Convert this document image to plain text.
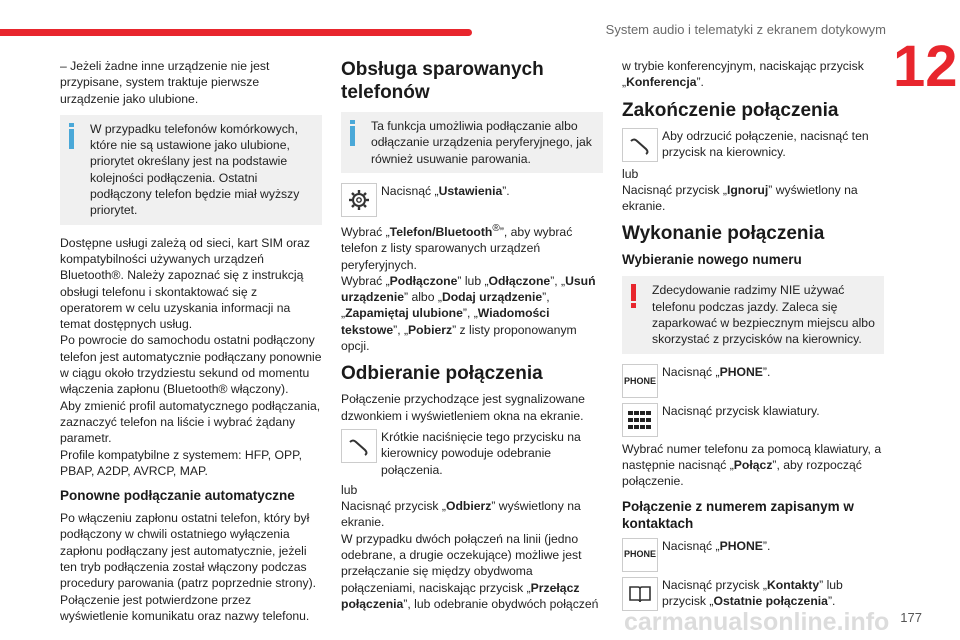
System audio i telematyki z ekranem dotykowym
12

– Jeżeli żadne inne urządzenie nie jest przypisane, system traktuje pierwsze urządzenie jako ulubione.

W przypadku telefonów komórkowych, które nie są ustawione jako ulubione, priorytet określany jest na podstawie kolejności podłączenia. Ostatni podłączony telefon będzie miał wyższy priorytet.

Dostępne usługi zależą od sieci, kart SIM oraz kompatybilności używanych urządzeń Bluetooth®. Należy zapoznać się z instrukcją obsługi telefonu i skontaktować się z operatorem w celu uzyskania informacji na temat dostępnych usług.

Po powrocie do samochodu ostatni podłączony telefon jest automatycznie podłączany ponownie w ciągu około trzydziestu sekund od momentu włączenia zapłonu (Bluetooth® włączony).

Aby zmienić profil automatycznego podłączania, zaznaczyć telefon na liście i wybrać żądany parametr.

Profile kompatybilne z systemem: HFP, OPP, PBAP, A2DP, AVRCP, MAP.

Ponowne podłączanie automatyczne

Po włączeniu zapłonu ostatni telefon, który był podłączony w chwili ostatniego wyłączenia zapłonu podłączany jest automatycznie, jeżeli ten tryb podłączenia został włączony podczas procedury parowania (patrz poprzednie strony). Połączenie jest potwierdzone przez wyświetlenie komunikatu oraz nazwy telefonu.

Obsługa sparowanych telefonów

Ta funkcja umożliwia podłączanie albo odłączanie urządzenia peryferyjnego, jak również usuwanie parowania.

Nacisnąć „Ustawienia”.

Wybrać „Telefon/Bluetooth®”, aby wybrać telefon z listy sparowanych urządzeń peryferyjnych.

Wybrać „Podłączone” lub „Odłączone”, „Usuń urządzenie” albo „Dodaj urządzenie”, „Zapamiętaj ulubione”, „Wiadomości tekstowe”, „Pobierz” z listy proponowanym opcji.

Odbieranie połączenia

Połączenie przychodzące jest sygnalizowane dzwonkiem i wyświetleniem okna na ekranie.

Krótkie naciśnięcie tego przycisku na kierownicy powoduje odebranie połączenia.

lub

Nacisnąć przycisk „Odbierz” wyświetlony na ekranie.

W przypadku dwóch połączeń na linii (jedno odebrane, a drugie oczekujące) możliwe jest przełączanie się między obydwoma połączeniami, naciskając przycisk „Przełącz połączenia”, lub odebranie obydwóch połączeń

w trybie konferencyjnym, naciskając przycisk „Konferencja”.

Zakończenie połączenia

Aby odrzucić połączenie, nacisnąć ten przycisk na kierownicy.

lub

Nacisnąć przycisk „Ignoruj” wyświetlony na ekranie.

Wykonanie połączenia
Wybieranie nowego numeru

Zdecydowanie radzimy NIE używać telefonu podczas jazdy. Zaleca się zaparkować w bezpiecznym miejscu albo skorzystać z przycisków na kierownicy.

PHONE

Nacisnąć „PHONE”.

Nacisnąć przycisk klawiatury.

Wybrać numer telefonu za pomocą klawiatury, a następnie nacisnąć „Połącz”, aby rozpocząć połączenie.

Połączenie z numerem zapisanym w kontaktach
PHONE

Nacisnąć „PHONE”.

Nacisnąć przycisk „Kontakty” lub przycisk „Ostatnie połączenia”.

carmanualsonline.info 177
